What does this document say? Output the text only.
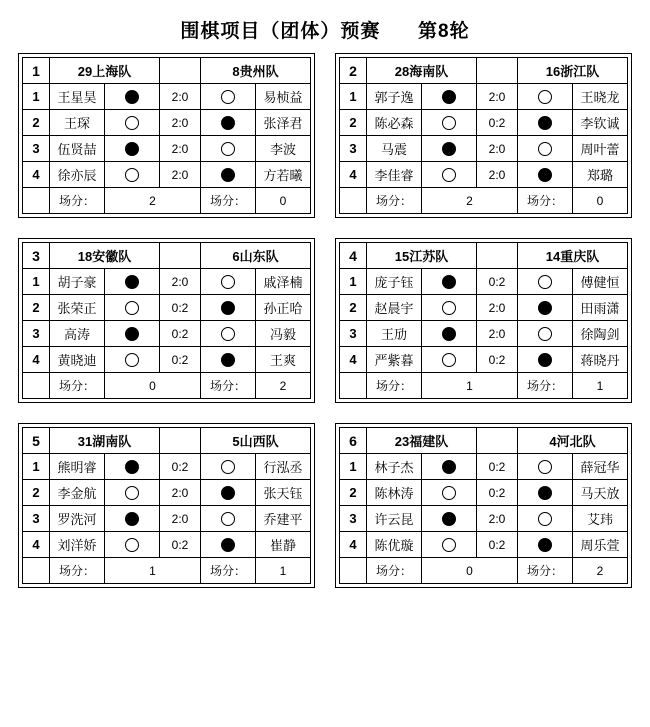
围棋项目（团体）预赛      第8轮
1	29上海队			8贵州队	
1	王星昊		2:0		易桢益
2	王琛		2:0		张泽君
3	伍贤喆		2:0		李波
4	徐亦辰		2:0		方若曦
	场分：	2		场分：	0
2	28海南队			16浙江队	
1	郭子逸		2:0		王晓龙
2	陈必森		0:2		李钦诚
3	马震		2:0		周叶蕾
4	李佳睿		2:0		郑璐
	场分：	2		场分：	0
3	18安徽队			6山东队	
1	胡子豪		2:0		戚泽楠
2	张荣正		0:2		孙正哈
3	高涛		0:2		冯毅
4	黄晓迪		0:2		王爽
	场分：	0		场分：	2
4	15江苏队			14重庆队	
1	庞子钰		0:2		傅健恒
2	赵晨宇		2:0		田雨潇
3	王劢		2:0		徐陶剑
4	严紫暮		0:2		蒋晓丹
	场分：	1		场分：	1
5	31湖南队			5山西队	
1	熊明睿		0:2		行泓丞
2	李金航		2:0		张天钰
3	罗洗河		2:0		乔建平
4	刘洋娇		0:2		崔静
	场分：	1		场分：	1
6	23福建队			4河北队	
1	林子杰		0:2		薛冠华
2	陈林涛		0:2		马天放
3	许云昆		2:0		艾玮
4	陈优璇		0:2		周乐萱
	场分：	0		场分：	2
